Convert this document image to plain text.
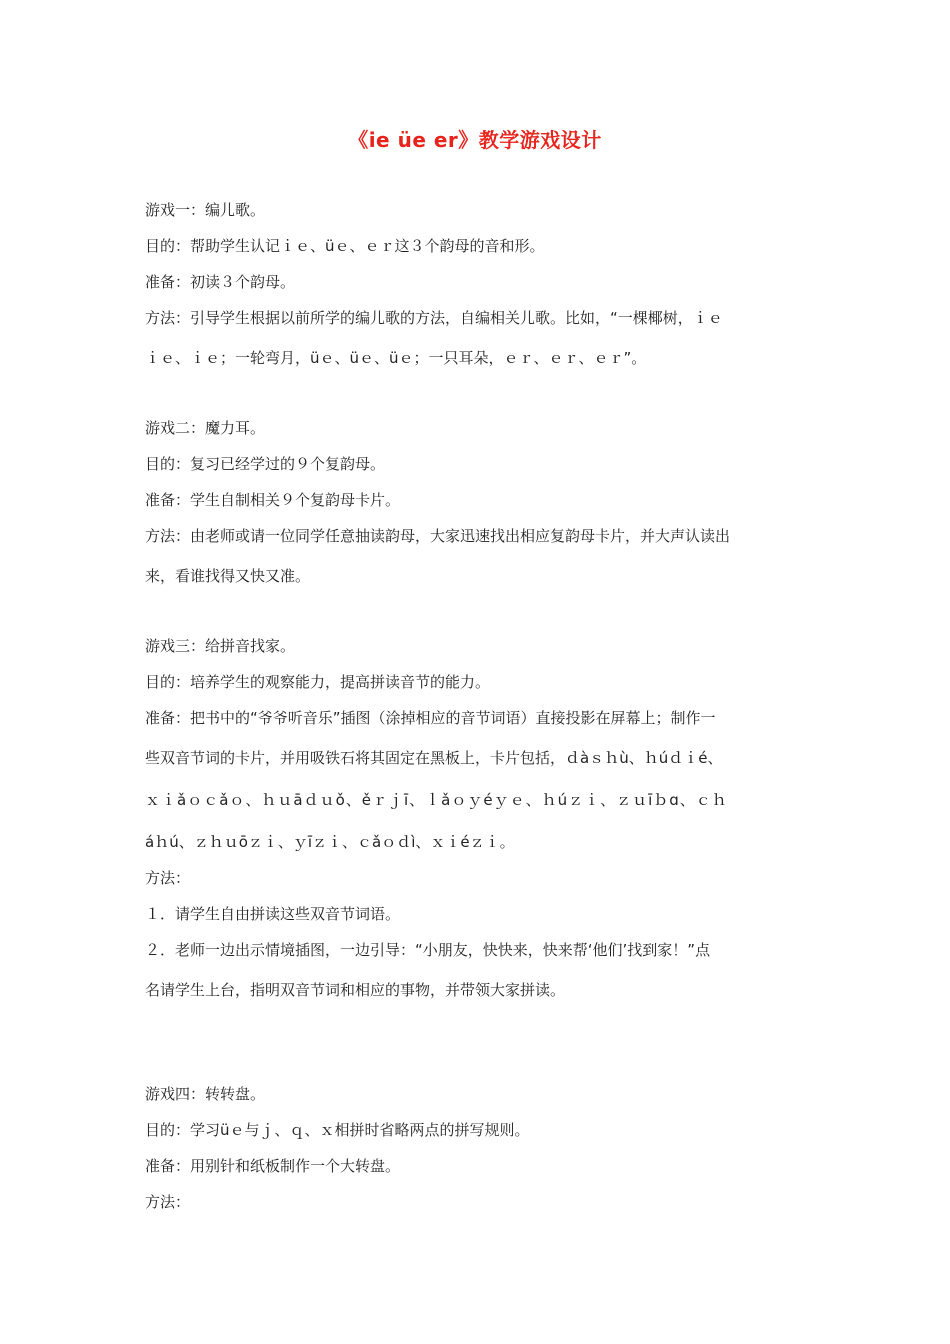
《ie üe er》教学游戏设计
游戏一：编儿歌。
目的：帮助学生认记ｉｅ、üｅ、ｅｒ这３个韵母的音和形。
准备：初读３个韵母。
方法：引导学生根据以前所学的编儿歌的方法，自编相关儿歌。比如，“一棵椰树，ｉｅ
ｉｅ、ｉｅ；一轮弯月，üｅ、üｅ、üｅ；一只耳朵，ｅｒ、ｅｒ、ｅｒ”。
游戏二：魔力耳。
目的：复习已经学过的９个复韵母。
准备：学生自制相关９个复韵母卡片。
方法：由老师或请一位同学任意抽读韵母，大家迅速找出相应复韵母卡片，并大声认读出
来，看谁找得又快又准。
游戏三：给拼音找家。
目的：培养学生的观察能力，提高拼读音节的能力。
准备：把书中的“爷爷听音乐”插图（涂掉相应的音节词语）直接投影在屏幕上；制作一
些双音节词的卡片，并用吸铁石将其固定在黑板上，卡片包括，ｄàｓｈù、ｈúｄｉé、
ｘｉǎｏｃǎｏ、ｈｕāｄｕǒ、ěｒｊī、ｌǎｏｙéｙｅ、ｈúｚｉ、ｚｕīｂɑ、ｃｈ
áｈú、ｚｈｕōｚｉ、ｙīｚｉ、ｃǎｏｄì、ｘｉéｚｉ。
方法：
１．请学生自由拼读这些双音节词语。
２．老师一边出示情境插图，一边引导：“小朋友，快快来，快来帮‘他们’找到家！”点
名请学生上台，指明双音节词和相应的事物，并带领大家拼读。
游戏四：转转盘。
目的：学习üｅ与ｊ、ｑ、ｘ相拼时省略两点的拼写规则。
准备：用别针和纸板制作一个大转盘。
方法：
